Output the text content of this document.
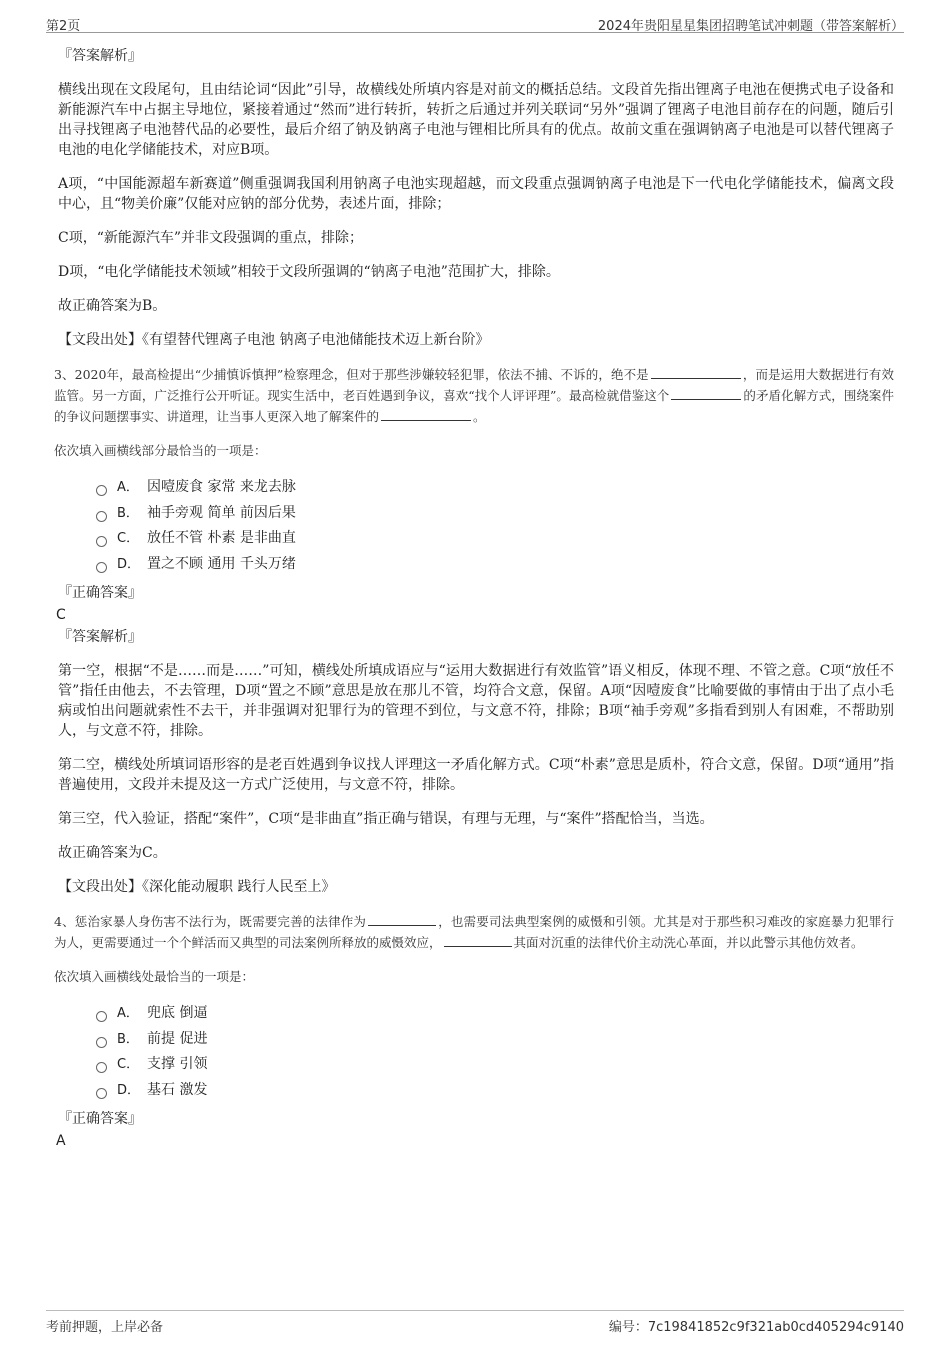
第2页	2024年贵阳星星集团招聘笔试冲刺题（带答案解析）
『答案解析』

横线出现在文段尾句，且由结论词“因此”引导，故横线处所填内容是对前文的概括总结。文段首先指出锂离子电池在便携式电子设备和新能源汽车中占据主导地位，紧接着通过“然而”进行转折，转折之后通过并列关联词“另外”强调了锂离子电池目前存在的问题，随后引出寻找锂离子电池替代品的必要性，最后介绍了钠及钠离子电池与锂相比所具有的优点。故前文重在强调钠离子电池是可以替代锂离子电池的电化学储能技术，对应B项。

A项，“中国能源超车新赛道”侧重强调我国利用钠离子电池实现超越，而文段重点强调钠离子电池是下一代电化学储能技术，偏离文段中心，且“物美价廉”仅能对应钠的部分优势，表述片面，排除；

C项，“新能源汽车”并非文段强调的重点，排除；

D项，“电化学储能技术领域”相较于文段所强调的“钠离子电池”范围扩大，排除。

故正确答案为B。

【文段出处】《有望替代锂离子电池 钠离子电池储能技术迈上新台阶》

3、2020年，最高检提出“少捕慎诉慎押”检察理念，但对于那些涉嫌较轻犯罪，依法不捕、不诉的，绝不是	，而是运用大数据进行有效监管。另一方面，广泛推行公开听证。现实生活中，老百姓遇到争议，喜欢“找个人评评理”。最高检就借鉴这个	的矛盾化解方式，围绕案件的争议问题摆事实、讲道理，让当事人更深入地了解案件的	。

依次填入画横线部分最恰当的一项是：

A． 因噎废食 家常 来龙去脉
B． 袖手旁观 简单 前因后果
C． 放任不管 朴素 是非曲直
D． 置之不顾 通用 千头万绪
『正确答案』
C
『答案解析』

第一空，根据“不是……而是……”可知，横线处所填成语应与“运用大数据进行有效监管”语义相反，体现不理、不管之意。C项“放任不管”指任由他去，不去管理，D项“置之不顾”意思是放在那儿不管，均符合文意，保留。A项“因噎废食”比喻要做的事情由于出了点小毛病或怕出问题就索性不去干，并非强调对犯罪行为的管理不到位，与文意不符，排除；B项“袖手旁观”多指看到别人有困难，不帮助别人，与文意不符，排除。

第二空，横线处所填词语形容的是老百姓遇到争议找人评理这一矛盾化解方式。C项“朴素”意思是质朴，符合文意，保留。D项“通用”指普遍使用，文段并未提及这一方式广泛使用，与文意不符，排除。

第三空，代入验证，搭配“案件”，C项“是非曲直”指正确与错误，有理与无理，与“案件”搭配恰当，当选。

故正确答案为C。

【文段出处】《深化能动履职 践行人民至上》

4、惩治家暴人身伤害不法行为，既需要完善的法律作为	，也需要司法典型案例的威慑和引领。尤其是对于那些积习难改的家庭暴力犯罪行为人，更需要通过一个个鲜活而又典型的司法案例所释放的威慑效应，	其面对沉重的法律代价主动洗心革面，并以此警示其他仿效者。

依次填入画横线处最恰当的一项是：

A． 兜底 倒逼
B． 前提 促进
C． 支撑 引领
D． 基石 激发
『正确答案』
A
考前押题，上岸必备	编号：7c19841852c9f321ab0cd405294c9140
